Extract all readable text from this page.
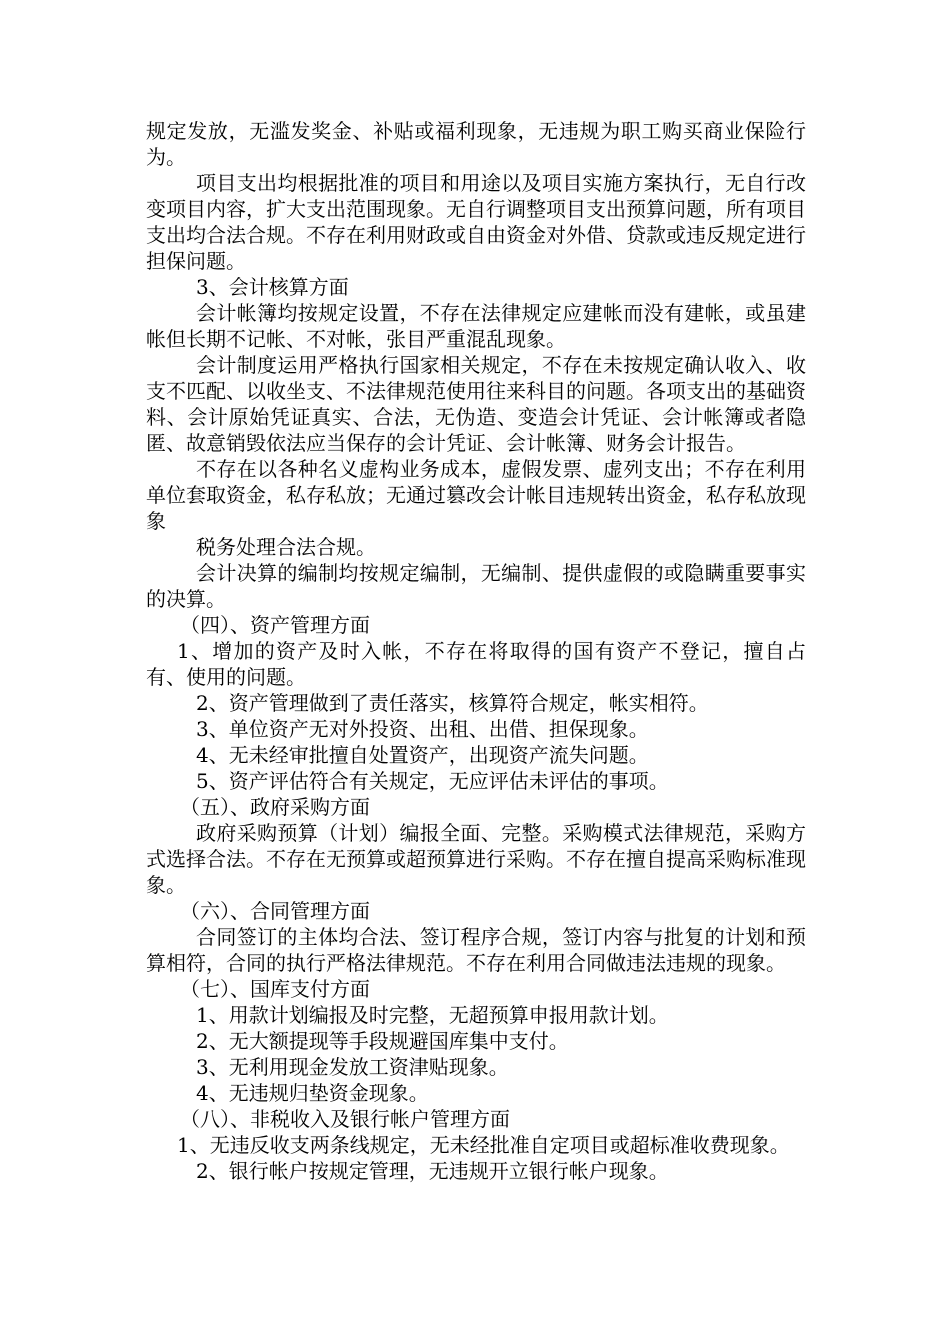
规定发放，无滥发奖金、补贴或福利现象，无违规为职工购买商业保险行为。

项目支出均根据批准的项目和用途以及项目实施方案执行，无自行改变项目内容，扩大支出范围现象。无自行调整项目支出预算问题，所有项目支出均合法合规。不存在利用财政或自由资金对外借、贷款或违反规定进行担保问题。

3、会计核算方面

会计帐簿均按规定设置，不存在法律规定应建帐而没有建帐，或虽建帐但长期不记帐、不对帐，张目严重混乱现象。

会计制度运用严格执行国家相关规定，不存在未按规定确认收入、收支不匹配、以收坐支、不法律规范使用往来科目的问题。各项支出的基础资料、会计原始凭证真实、合法，无伪造、变造会计凭证、会计帐簿或者隐匿、故意销毁依法应当保存的会计凭证、会计帐簿、财务会计报告。

不存在以各种名义虚构业务成本，虚假发票、虚列支出；不存在利用单位套取资金，私存私放；无通过篡改会计帐目违规转出资金，私存私放现象

税务处理合法合规。

会计决算的编制均按规定编制，无编制、提供虚假的或隐瞒重要事实的决算。

（四）、资产管理方面

1、增加的资产及时入帐，不存在将取得的国有资产不登记，擅自占有、使用的问题。

2、资产管理做到了责任落实，核算符合规定，帐实相符。

3、单位资产无对外投资、出租、出借、担保现象。

4、无未经审批擅自处置资产，出现资产流失问题。

5、资产评估符合有关规定，无应评估未评估的事项。

（五）、政府采购方面

政府采购预算（计划）编报全面、完整。采购模式法律规范，采购方式选择合法。不存在无预算或超预算进行采购。不存在擅自提高采购标准现象。

（六）、合同管理方面

合同签订的主体均合法、签订程序合规，签订内容与批复的计划和预算相符，合同的执行严格法律规范。不存在利用合同做违法违规的现象。

（七）、国库支付方面

1、用款计划编报及时完整，无超预算申报用款计划。

2、无大额提现等手段规避国库集中支付。

3、无利用现金发放工资津贴现象。

4、无违规归垫资金现象。

（八）、非税收入及银行帐户管理方面

1、无违反收支两条线规定，无未经批准自定项目或超标准收费现象。

2、银行帐户按规定管理，无违规开立银行帐户现象。
